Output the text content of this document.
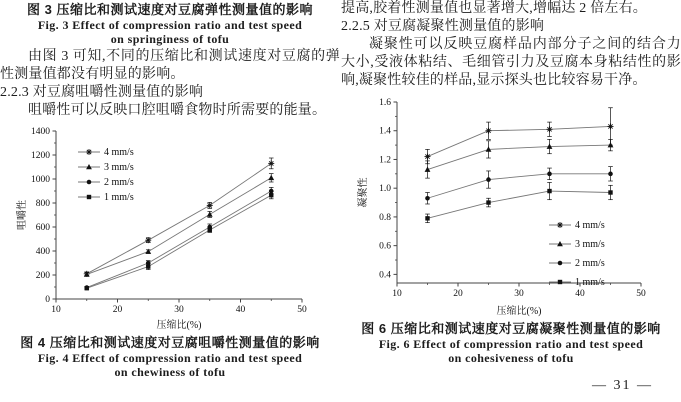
图 3 压缩比和测试速度对豆腐弹性测量值的影响
Fig. 3 Effect of compression ratio and test speed
on springiness of tofu

由图 3 可知,不同的压缩比和测试速度对豆腐的弹性测量值都没有明显的影响。

2.2.3 对豆腐咀嚼性测量值的影响

咀嚼性可以反映口腔咀嚼食物时所需要的能量。

10	20	30	40	50
0
200
400
600
800
1000
1200
1400
压缩比(%)
咀嚼性
4 mm/s
3 mm/s
2 mm/s
1 mm/s
图 4 压缩比和测试速度对豆腐咀嚼性测量值的影响
Fig. 4 Effect of compression ratio and test speed
on chewiness of tofu

提高,胶着性测量值也显著增大,增幅达 2 倍左右。

2.2.5 对豆腐凝聚性测量值的影响

凝聚性可以反映豆腐样品内部分子之间的结合力大小,受液体粘结、毛细管引力及豆腐本身粘结性的影响,凝聚性较佳的样品,显示探头也比较容易干净。

10	20	30	40	50
0.4
0.6
0.8
1.0
1.2
1.4
1.6
压缩比(%)
凝聚性
4 mm/s
3 mm/s
2 mm/s
1 mm/s
图 6 压缩比和测试速度对豆腐凝聚性测量值的影响
Fig. 6 Effect of compression ratio and test speed
on cohesiveness of tofu
— 31 —
